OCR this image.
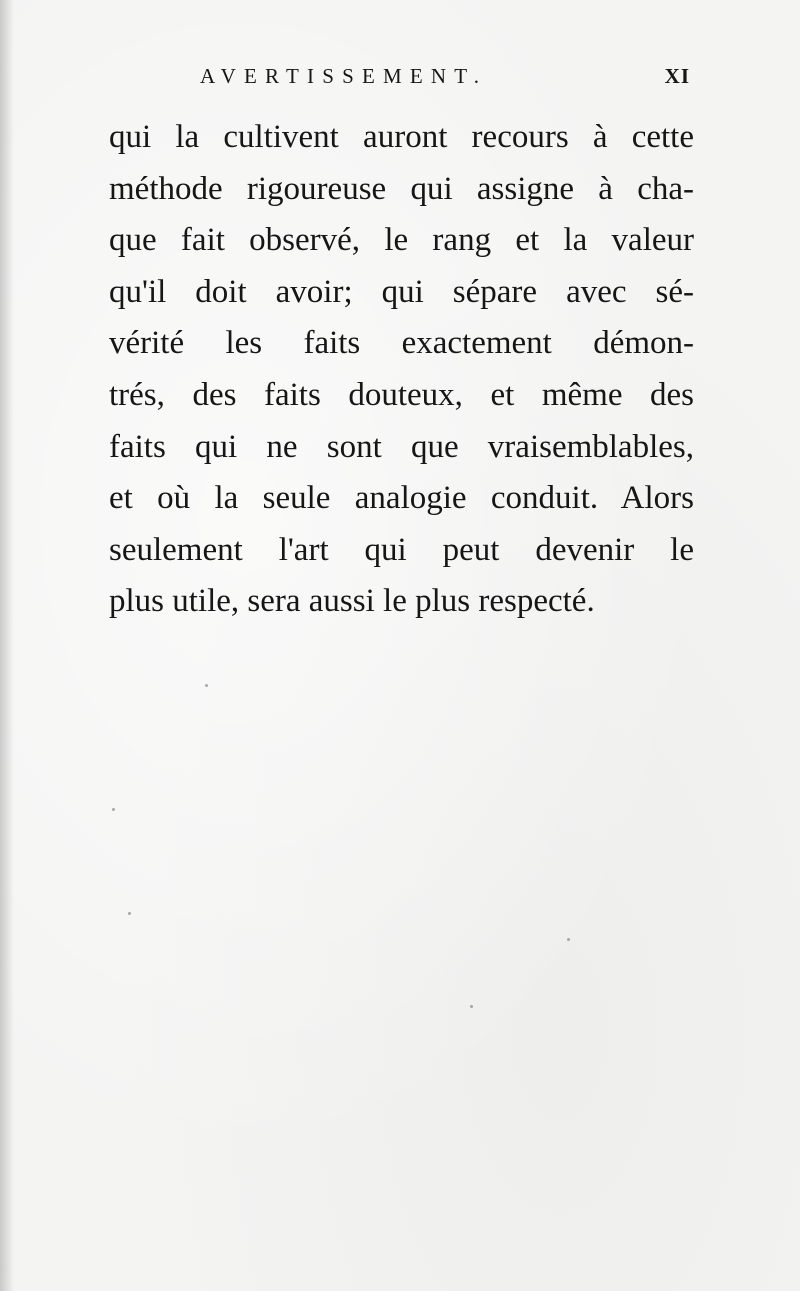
AVERTISSEMENT.	XI
qui la cultivent auront recours à cette
méthode rigoureuse qui assigne à cha-
que fait observé, le rang et la valeur
qu'il doit avoir; qui sépare avec sé-
vérité les faits exactement démon-
trés, des faits douteux, et même des
faits qui ne sont que vraisemblables,
et où la seule analogie conduit. Alors
seulement l'art qui peut devenir le
plus utile, sera aussi le plus respecté.
